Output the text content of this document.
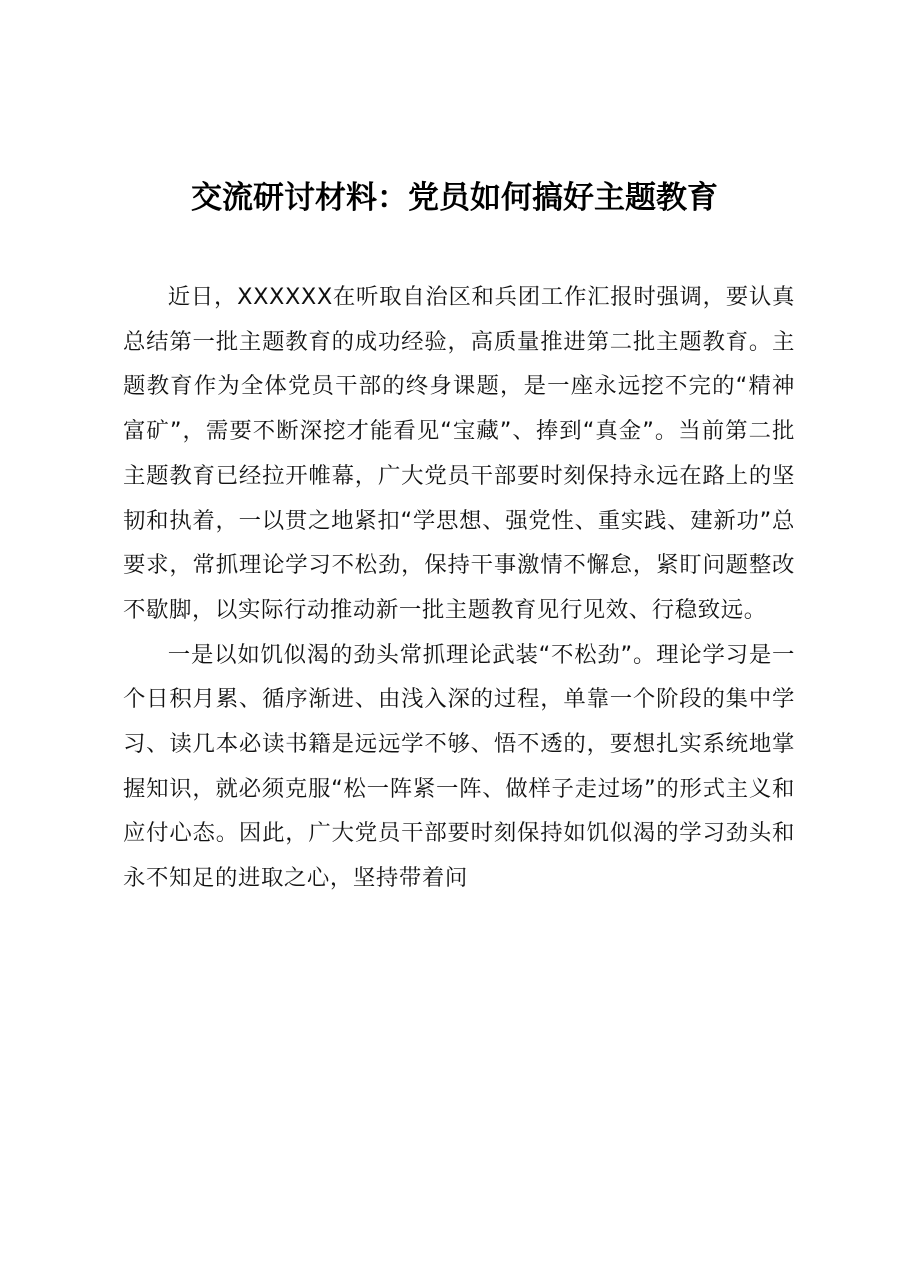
交流研讨材料：党员如何搞好主题教育

近日，XXXXXX在听取自治区和兵团工作汇报时强调，要认真总结第一批主题教育的成功经验，高质量推进第二批主题教育。主题教育作为全体党员干部的终身课题，是一座永远挖不完的“精神富矿”，需要不断深挖才能看见“宝藏”、捧到“真金”。当前第二批主题教育已经拉开帷幕，广大党员干部要时刻保持永远在路上的坚韧和执着，一以贯之地紧扣“学思想、强党性、重实践、建新功”总要求，常抓理论学习不松劲，保持干事激情不懈怠，紧盯问题整改不歇脚，以实际行动推动新一批主题教育见行见效、行稳致远。

一是以如饥似渴的劲头常抓理论武装“不松劲”。理论学习是一个日积月累、循序渐进、由浅入深的过程，单靠一个阶段的集中学习、读几本必读书籍是远远学不够、悟不透的，要想扎实系统地掌握知识，就必须克服“松一阵紧一阵、做样子走过场”的形式主义和应付心态。因此，广大党员干部要时刻保持如饥似渴的学习劲头和永不知足的进取之心，坚持带着问
